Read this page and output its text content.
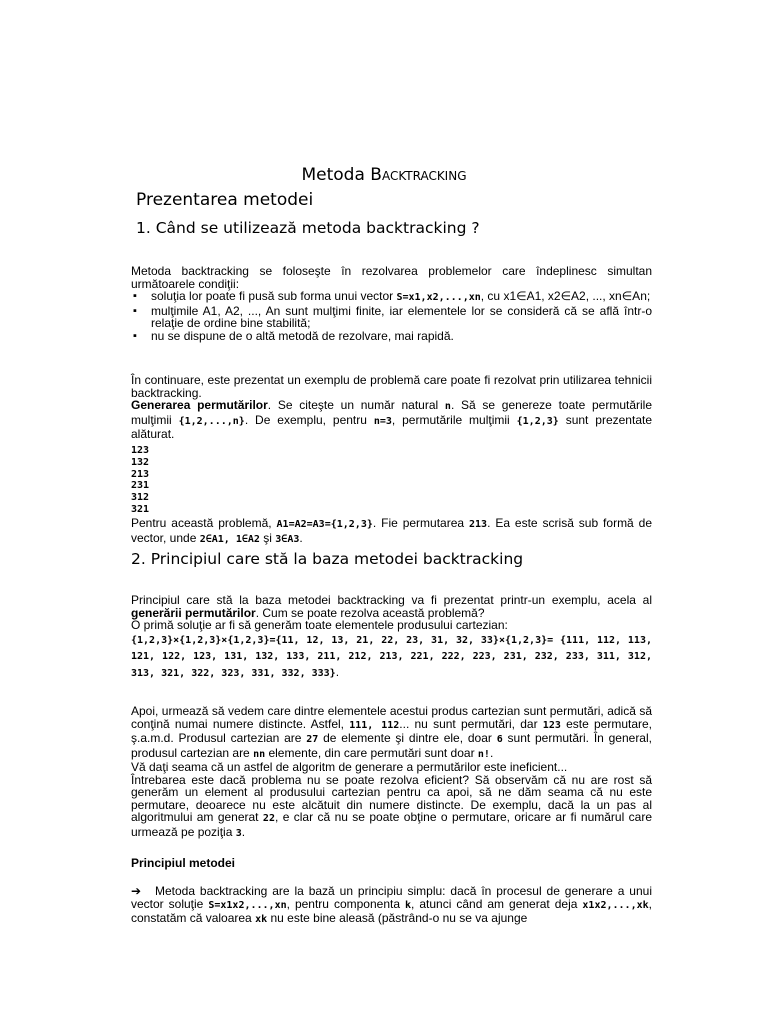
Metoda Backtracking
Prezentarea metodei
1. Când se utilizează metoda backtracking ?

Metoda backtracking se foloseşte în rezolvarea problemelor care îndeplinesc simultan următoarele condiţii:

▪ soluţia lor poate fi pusă sub forma unui vector S=x1,x2,...,xn, cu x1∈A1, x2∈A2, ..., xn∈An;

▪ mulţimile A1, A2, ..., An sunt mulţimi finite, iar elementele lor se consideră că se află într-o relaţie de ordine bine stabilită;

▪ nu se dispune de o altă metodă de rezolvare, mai rapidă.

În continuare, este prezentat un exemplu de problemă care poate fi rezolvat prin utilizarea tehnicii backtracking.

Generarea permutărilor. Se citeşte un număr natural n. Să se genereze toate permutările mulţimii {1,2,...,n}. De exemplu, pentru n=3, permutările mulţimii {1,2,3} sunt prezentate alăturat.

123
132
213
231
312
321

Pentru această problemă, A1=A2=A3={1,2,3}. Fie permutarea 213. Ea este scrisă sub formă de vector, unde 2∈A1, 1∈A2 şi 3∈A3.

2. Principiul care stă la baza metodei backtracking

Principiul care stă la baza metodei backtracking va fi prezentat printr-un exemplu, acela al generării permutărilor. Cum se poate rezolva această problemă?

O primă soluţie ar fi să generăm toate elementele produsului cartezian:

{1,2,3}×{1,2,3}×{1,2,3}={11, 12, 13, 21, 22, 23, 31, 32, 33}×{1,2,3}= {111, 112, 113, 121, 122, 123, 131, 132, 133, 211, 212, 213, 221, 222, 223, 231, 232, 233, 311, 312, 313, 321, 322, 323, 331, 332, 333}.

Apoi, urmează să vedem care dintre elementele acestui produs cartezian sunt permutări, adică să conţină numai numere distincte. Astfel, 111, 112... nu sunt permutări, dar 123 este permutare, ş.a.m.d. Produsul cartezian are 27 de elemente şi dintre ele, doar 6 sunt permutări. În general, produsul cartezian are nn elemente, din care permutări sunt doar n!.

Vă daţi seama că un astfel de algoritm de generare a permutărilor este ineficient...

Întrebarea este dacă problema nu se poate rezolva eficient? Să observăm că nu are rost să generăm un element al produsului cartezian pentru ca apoi, să ne dăm seama că nu este permutare, deoarece nu este alcătuit din numere distincte. De exemplu, dacă la un pas al algoritmului am generat 22, e clar că nu se poate obţine o permutare, oricare ar fi numărul care urmează pe poziţia 3.

Principiul metodei

➔ Metoda backtracking are la bază un principiu simplu: dacă în procesul de generare a unui vector soluţie S=x1x2,...,xn, pentru componenta k, atunci când am generat deja x1x2,...,xk, constatăm că valoarea xk nu este bine aleasă (păstrând-o nu se va ajunge
